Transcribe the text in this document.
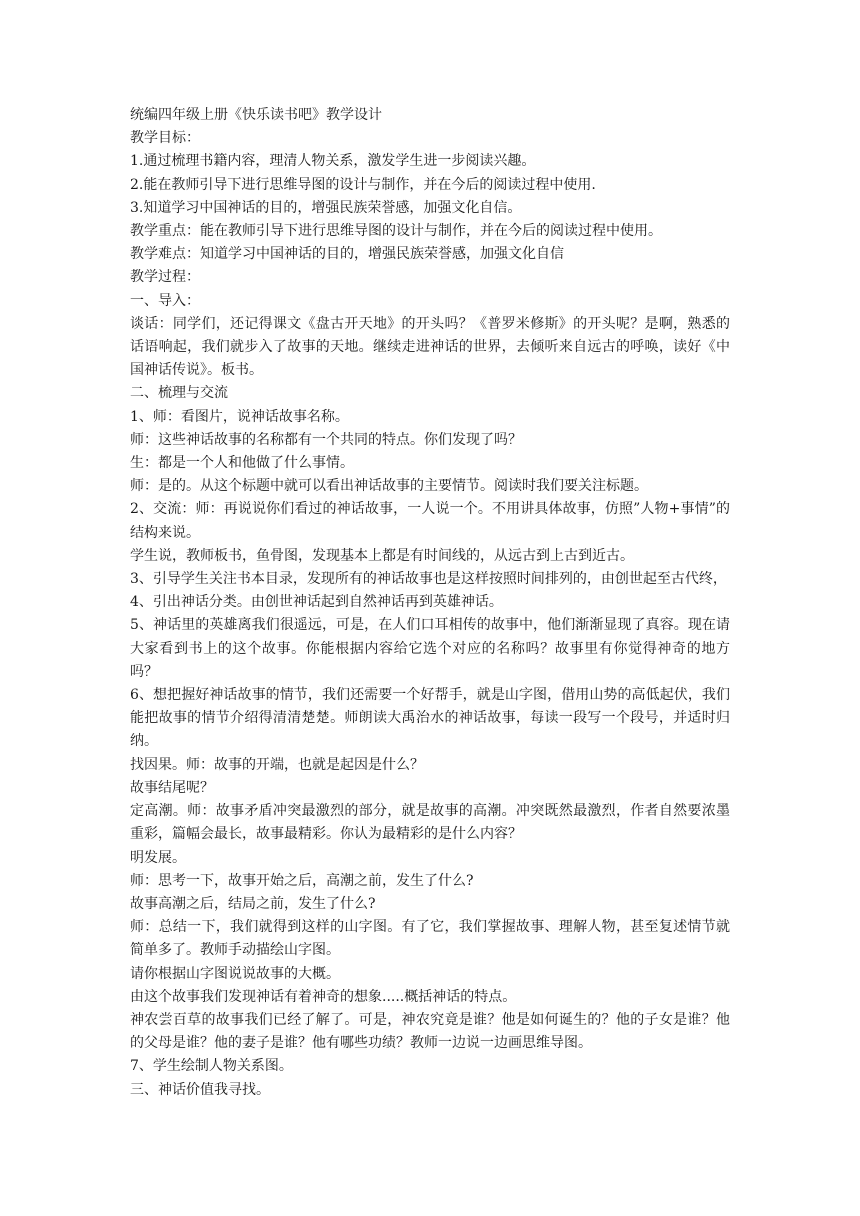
统编四年级上册《快乐读书吧》教学设计

教学目标：

1.通过梳理书籍内容，理清人物关系，激发学生进一步阅读兴趣。

2.能在教师引导下进行思维导图的设计与制作，并在今后的阅读过程中使用.

3.知道学习中国神话的目的，增强民族荣誉感，加强文化自信。

教学重点：能在教师引导下进行思维导图的设计与制作，并在今后的阅读过程中使用。

教学难点：知道学习中国神话的目的，增强民族荣誉感，加强文化自信

教学过程：

一、导入：

谈话：同学们，还记得课文《盘古开天地》的开头吗？《普罗米修斯》的开头呢？是啊，熟悉的话语响起，我们就步入了故事的天地。继续走进神话的世界，去倾听来自远古的呼唤，读好《中国神话传说》。板书。

二、梳理与交流

1、师：看图片，说神话故事名称。

师：这些神话故事的名称都有一个共同的特点。你们发现了吗？

生：都是一个人和他做了什么事情。

师：是的。从这个标题中就可以看出神话故事的主要情节。阅读时我们要关注标题。

2、交流：师：再说说你们看过的神话故事，一人说一个。不用讲具体故事，仿照”人物+事情”的结构来说。

学生说，教师板书，鱼骨图，发现基本上都是有时间线的，从远古到上古到近古。

3、引导学生关注书本目录，发现所有的神话故事也是这样按照时间排列的，由创世起至古代终，

4、引出神话分类。由创世神话起到自然神话再到英雄神话。

5、神话里的英雄离我们很遥远，可是，在人们口耳相传的故事中，他们渐渐显现了真容。现在请大家看到书上的这个故事。你能根据内容给它选个对应的名称吗？故事里有你觉得神奇的地方吗？

6、想把握好神话故事的情节，我们还需要一个好帮手，就是山字图，借用山势的高低起伏，我们能把故事的情节介绍得清清楚楚。师朗读大禹治水的神话故事，每读一段写一个段号，并适时归纳。

找因果。师：故事的开端，也就是起因是什么？

故事结尾呢？

定高潮。师：故事矛盾冲突最激烈的部分，就是故事的高潮。冲突既然最激烈，作者自然要浓墨重彩，篇幅会最长，故事最精彩。你认为最精彩的是什么内容？

明发展。

师：思考一下，故事开始之后，高潮之前，发生了什么?

故事高潮之后，结局之前，发生了什么?

师：总结一下，我们就得到这样的山字图。有了它，我们掌握故事、理解人物，甚至复述情节就简单多了。教师手动描绘山字图。

请你根据山字图说说故事的大概。

由这个故事我们发现神话有着神奇的想象.....概括神话的特点。

神农尝百草的故事我们已经了解了。可是，神农究竟是谁？他是如何诞生的？他的子女是谁？他的父母是谁？他的妻子是谁？他有哪些功绩？教师一边说一边画思维导图。

7、学生绘制人物关系图。

三、神话价值我寻找。
